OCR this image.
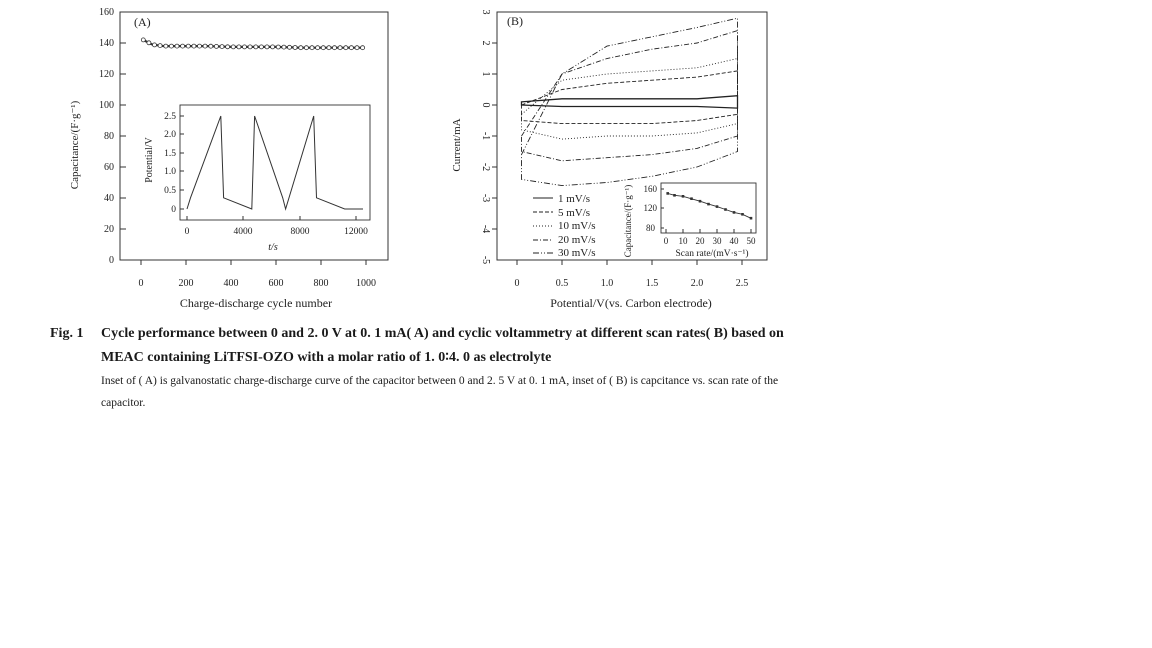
(A)
160
140
120
100
80
60
40
20
0
0	200	400	600	800	1000
Charge-discharge cycle number
Capacitance/(F·g⁻¹)	2.5
2.0
1.5
1.0
0.5
0
0	4000	8000	12000
t/s
Potential/V
(B)
3
2
1
0
-1
-2
-3
-4
-5
0	0.5	1.0	1.5	2.0	2.5
Potential/V(vs. Carbon electrode)
Current/mA
1 mV/s
5 mV/s
10 mV/s
20 mV/s
30 mV/s
160
120
80
0 10 20 30 40 50
Scan rate/(mV·s⁻¹)
Capacitance/(F·g⁻¹)
Fig. 1	Cycle performance between 0 and 2. 0 V at 0. 1 mA( A) and cyclic voltammetry at different scan rates( B) based on MEAC containing LiTFSI-OZO with a molar ratio of 1. 0∶4. 0 as electrolyte
Inset of ( A) is galvanostatic charge-discharge curve of the capacitor between 0 and 2. 5 V at 0. 1 mA, inset of ( B) is capcitance vs. scan rate of the capacitor.
